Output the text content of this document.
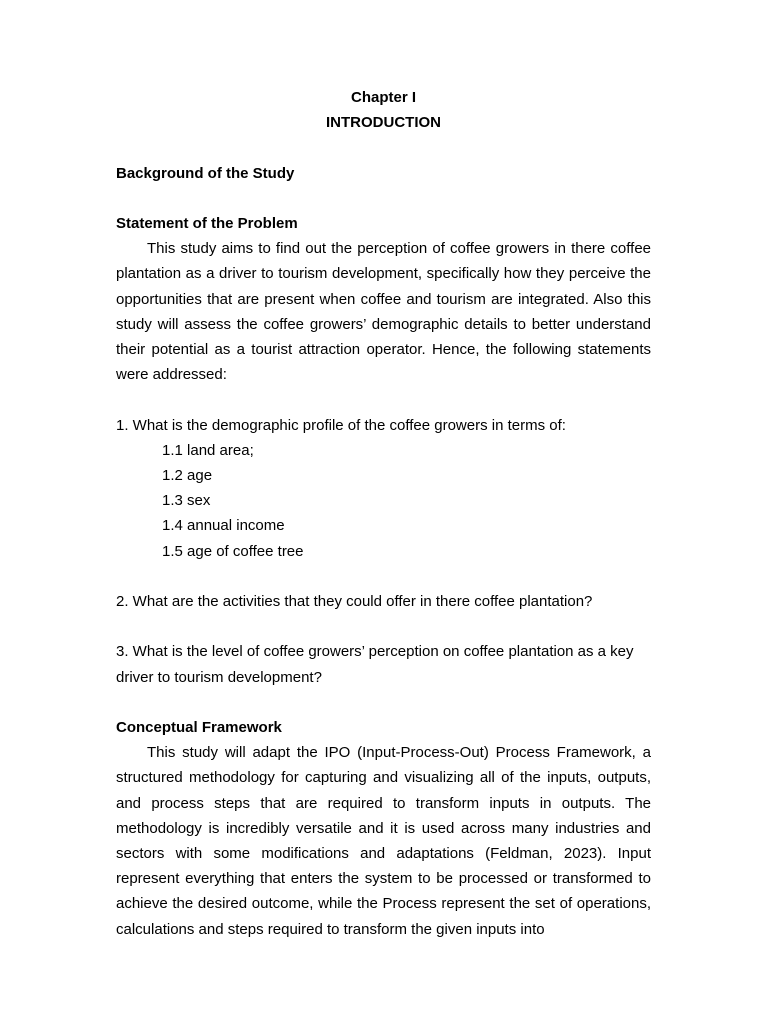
Chapter I
INTRODUCTION
Background of the Study
Statement of the Problem

This study aims to find out the perception of coffee growers in there coffee plantation as a driver to tourism development, specifically how they perceive the opportunities that are present when coffee and tourism are integrated. Also this study will assess the coffee growers’ demographic details to better understand their potential as a tourist attraction operator. Hence, the following statements were addressed:

1. What is the demographic profile of the coffee growers in terms of:
1.1 land area;
1.2 age
1.3 sex
1.4 annual income
1.5 age of coffee tree
2. What are the activities that they could offer in there coffee plantation?
3. What is the level of coffee growers’ perception on coffee plantation as a key driver to tourism development?
Conceptual Framework

This study will adapt the IPO (Input-Process-Out) Process Framework, a structured methodology for capturing and visualizing all of the inputs, outputs, and process steps that are required to transform inputs in outputs. The methodology is incredibly versatile and it is used across many industries and sectors with some modifications and adaptations (Feldman, 2023). Input represent everything that enters the system to be processed or transformed to achieve the desired outcome, while the Process represent the set of operations, calculations and steps required to transform the given inputs into
